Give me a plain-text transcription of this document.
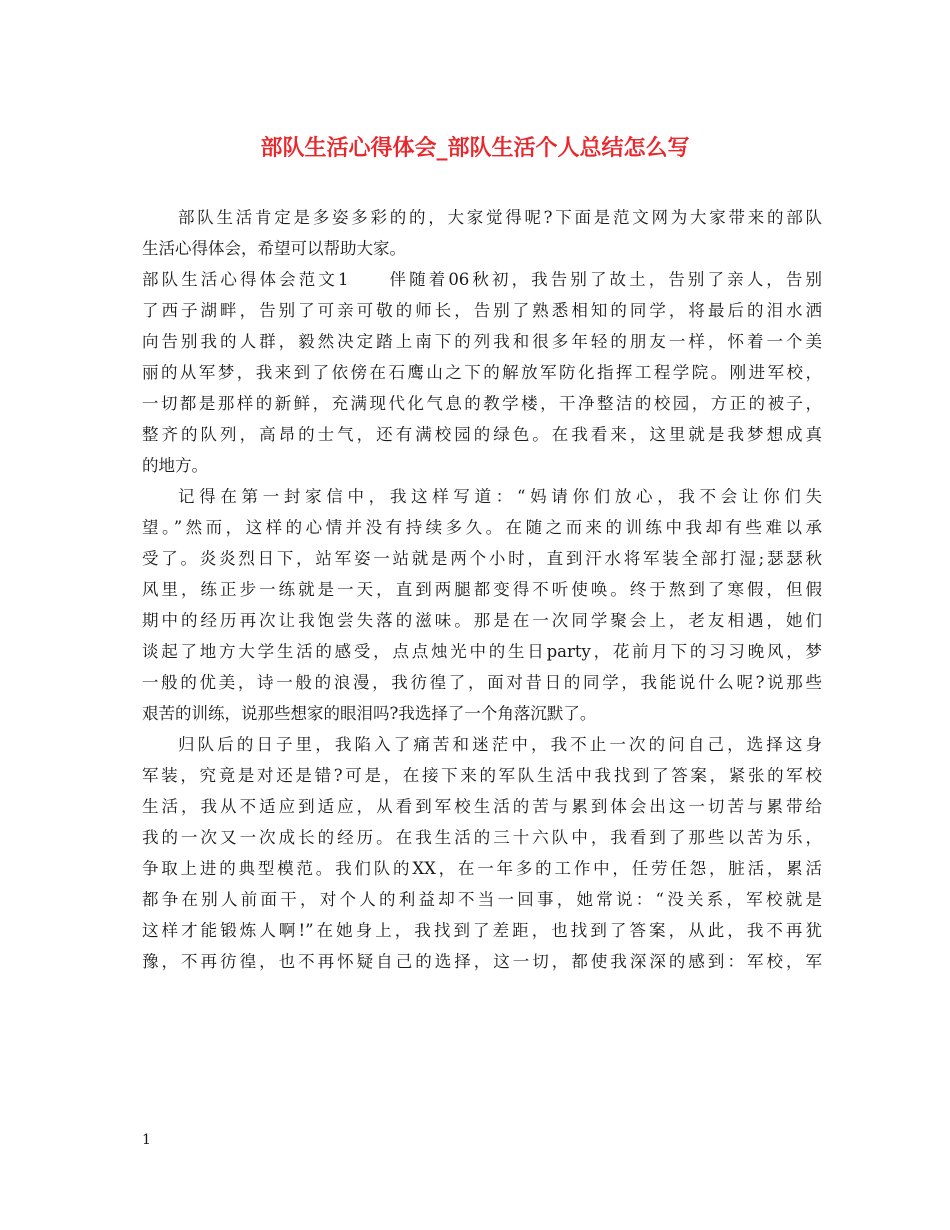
部队生活心得体会_部队生活个人总结怎么写
部队生活肯定是多姿多彩的的，大家觉得呢?下面是范文网为大家带来的部队
生活心得体会，希望可以帮助大家。
部队生活心得体会范文1 伴随着06秋初，我告别了故土，告别了亲人，告别
了西子湖畔，告别了可亲可敬的师长，告别了熟悉相知的同学，将最后的泪水洒
向告别我的人群，毅然决定踏上南下的列我和很多年轻的朋友一样，怀着一个美
丽的从军梦，我来到了依傍在石鹰山之下的解放军防化指挥工程学院。刚进军校，
一切都是那样的新鲜，充满现代化气息的教学楼，干净整洁的校园，方正的被子，
整齐的队列，高昂的士气，还有满校园的绿色。在我看来，这里就是我梦想成真
的地方。
记得在第一封家信中，我这样写道：“妈请你们放心，我不会让你们失
望。”然而，这样的心情并没有持续多久。在随之而来的训练中我却有些难以承
受了。炎炎烈日下，站军姿一站就是两个小时，直到汗水将军装全部打湿;瑟瑟秋
风里，练正步一练就是一天，直到两腿都变得不听使唤。终于熬到了寒假，但假
期中的经历再次让我饱尝失落的滋味。那是在一次同学聚会上，老友相遇，她们
谈起了地方大学生活的感受，点点烛光中的生日party，花前月下的习习晚风，梦
一般的优美，诗一般的浪漫，我彷徨了，面对昔日的同学，我能说什么呢?说那些
艰苦的训练，说那些想家的眼泪吗?我选择了一个角落沉默了。
归队后的日子里，我陷入了痛苦和迷茫中，我不止一次的问自己，选择这身
军装，究竟是对还是错?可是，在接下来的军队生活中我找到了答案，紧张的军校
生活，我从不适应到适应，从看到军校生活的苦与累到体会出这一切苦与累带给
我的一次又一次成长的经历。在我生活的三十六队中，我看到了那些以苦为乐，
争取上进的典型模范。我们队的XX，在一年多的工作中，任劳任怨，脏活，累活
都争在别人前面干，对个人的利益却不当一回事，她常说：“没关系，军校就是
这样才能锻炼人啊!”在她身上，我找到了差距，也找到了答案，从此，我不再犹
豫，不再彷徨，也不再怀疑自己的选择，这一切，都使我深深的感到：军校，军
1
